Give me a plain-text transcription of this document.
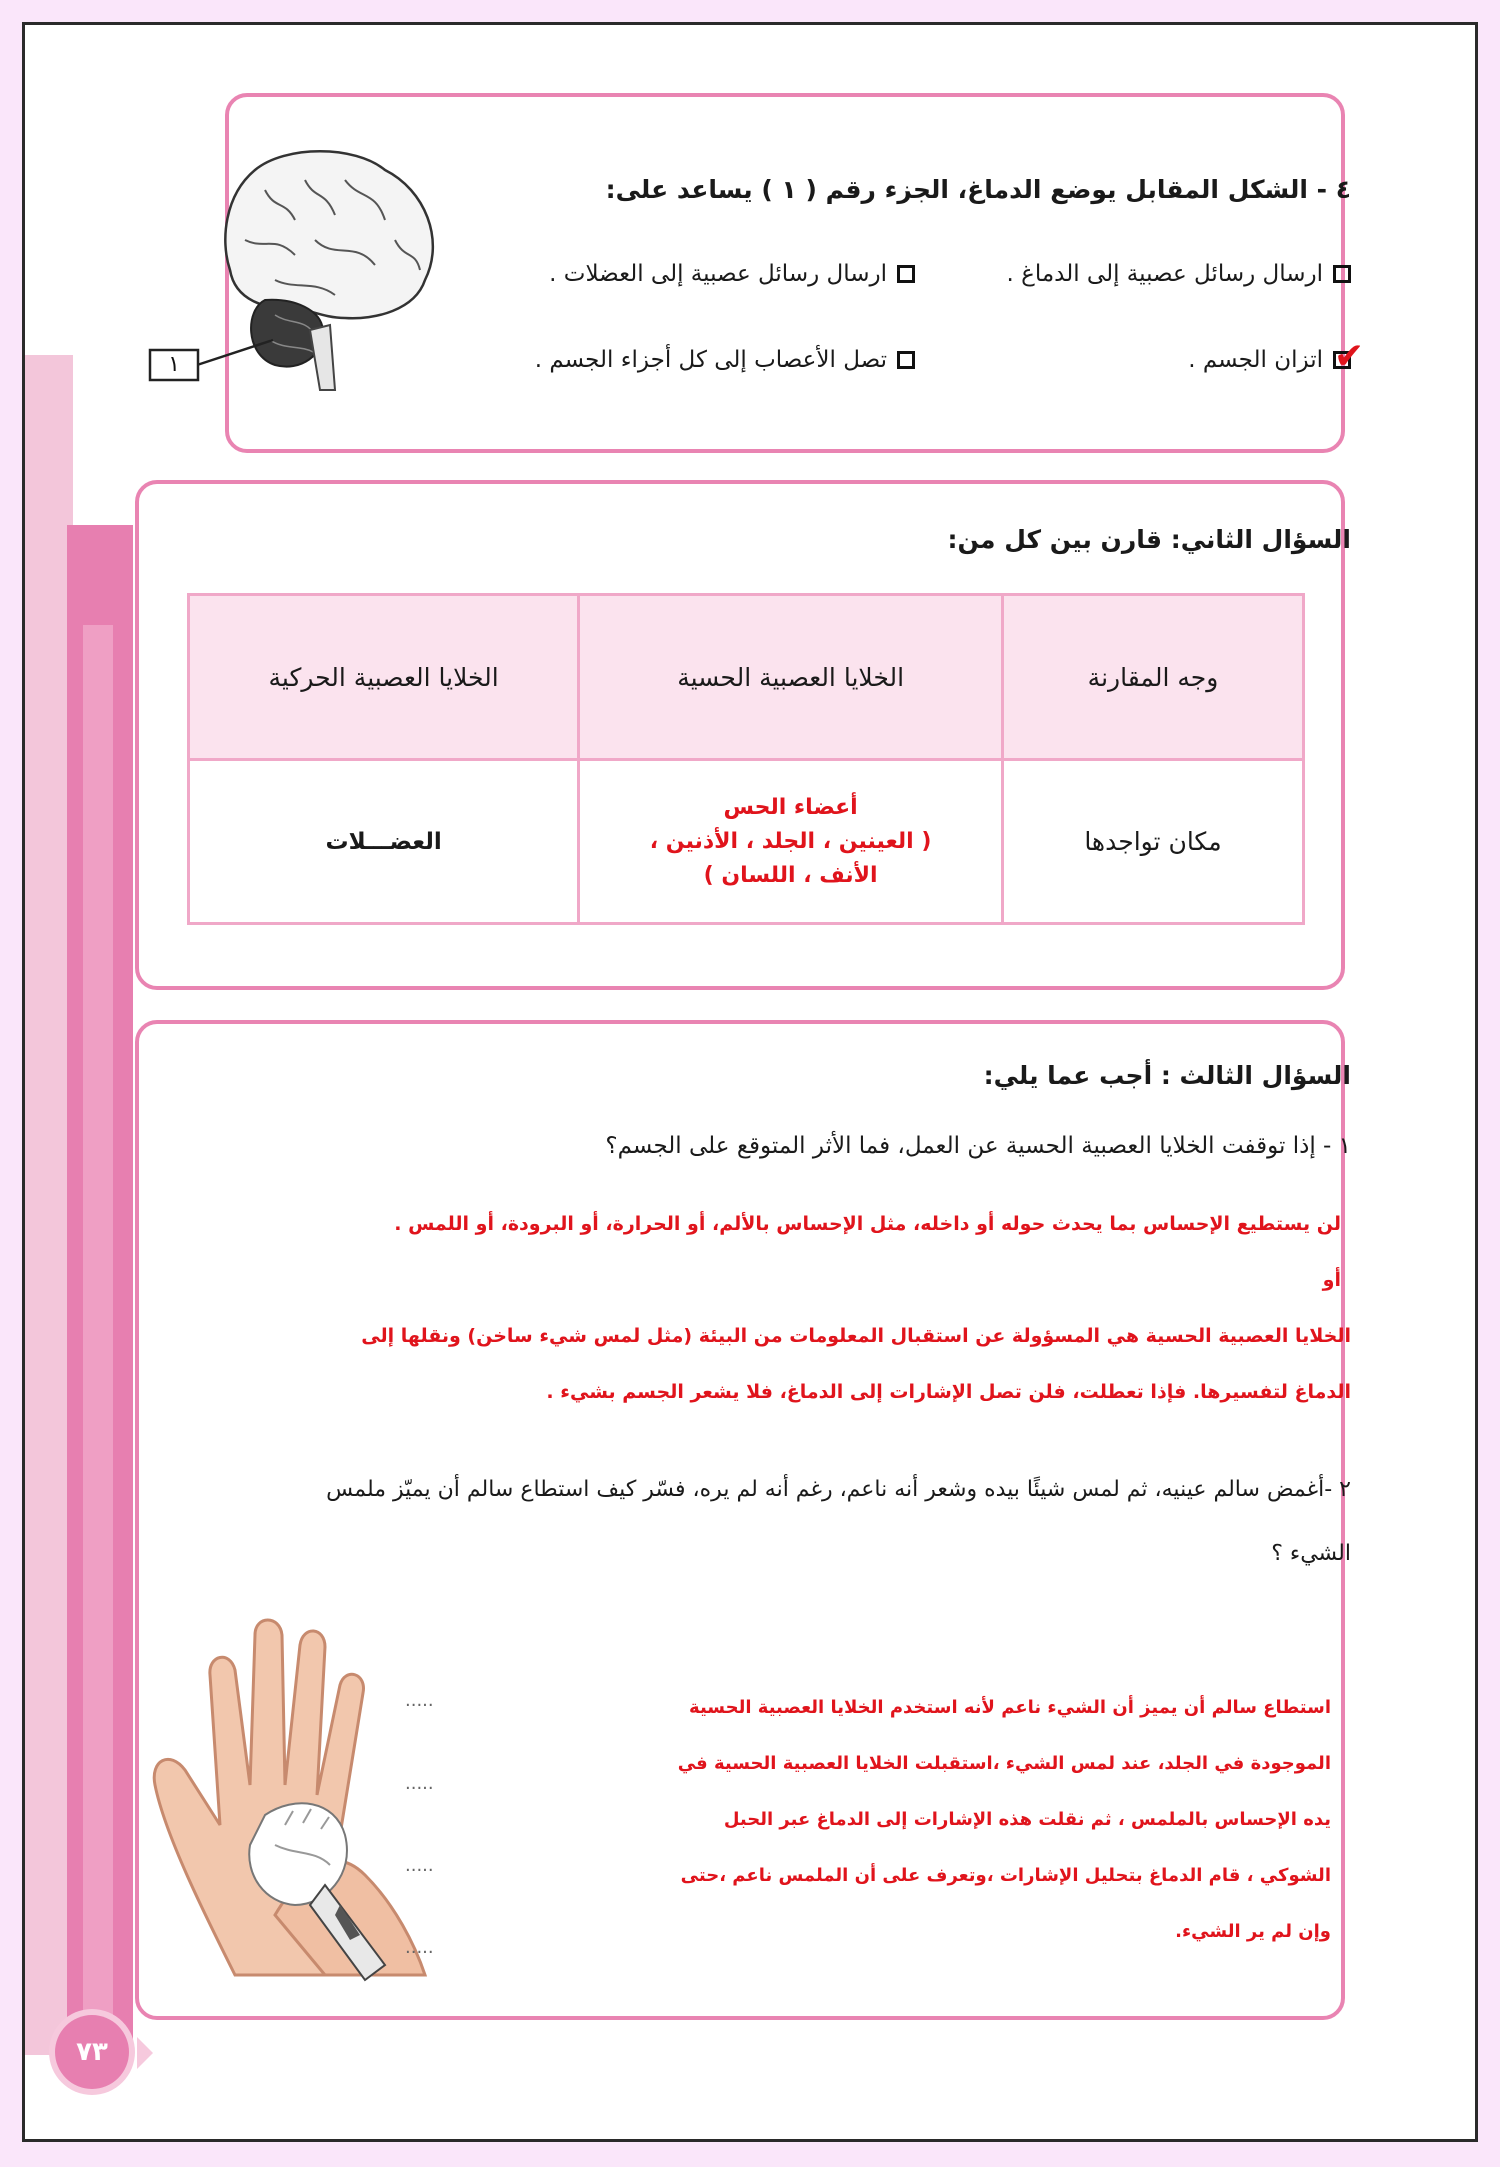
٤ - الشكل المقابل يوضع الدماغ، الجزء رقم ( ١ ) يساعد على:
ارسال رسائل عصبية إلى الدماغ .
ارسال رسائل عصبية إلى العضلات .
✔
اتزان الجسم .
تصل الأعصاب إلى كل أجزاء الجسم .
١
السؤال الثاني: قارن بين كل من:
وجه المقارنة	الخلايا العصبية الحسية	الخلايا العصبية الحركية
مكان تواجدها	أعضاء الحس
( العينين ، الجلد ، الأذنين ،
الأنف ، اللسان )	العضـــلات
السؤال الثالث : أجب عما يلي:
١ - إذا توقفت الخلايا العصبية الحسية عن العمل، فما الأثر المتوقع على الجسم؟
لن يستطيع الإحساس بما يحدث حوله أو داخله، مثل الإحساس بالألم، أو الحرارة، أو البرودة، أو اللمس .
أو
الخلايا العصبية الحسية هي المسؤولة عن استقبال المعلومات من البيئة (مثل لمس شيء ساخن) ونقلها إلى
الدماغ لتفسيرها. فإذا تعطلت، فلن تصل الإشارات إلى الدماغ، فلا يشعر الجسم بشيء .
٢ -أغمض سالم عينيه، ثم لمس شيئًا بيده وشعر أنه ناعم، رغم أنه لم يره، فسّر كيف استطاع سالم أن يميّز ملمس
الشيء ؟
.....
.....
.....
.....
استطاع سالم أن يميز أن الشيء ناعم لأنه استخدم الخلايا العصبية الحسية
الموجودة في الجلد، عند لمس الشيء ،استقبلت الخلايا العصبية الحسية في
يده الإحساس بالملمس ، ثم نقلت هذه الإشارات إلى الدماغ عبر الحبل
الشوكي ، قام الدماغ بتحليل الإشارات ،وتعرف على أن الملمس ناعم ،حتى
وإن لم ير الشيء.
٧٣
